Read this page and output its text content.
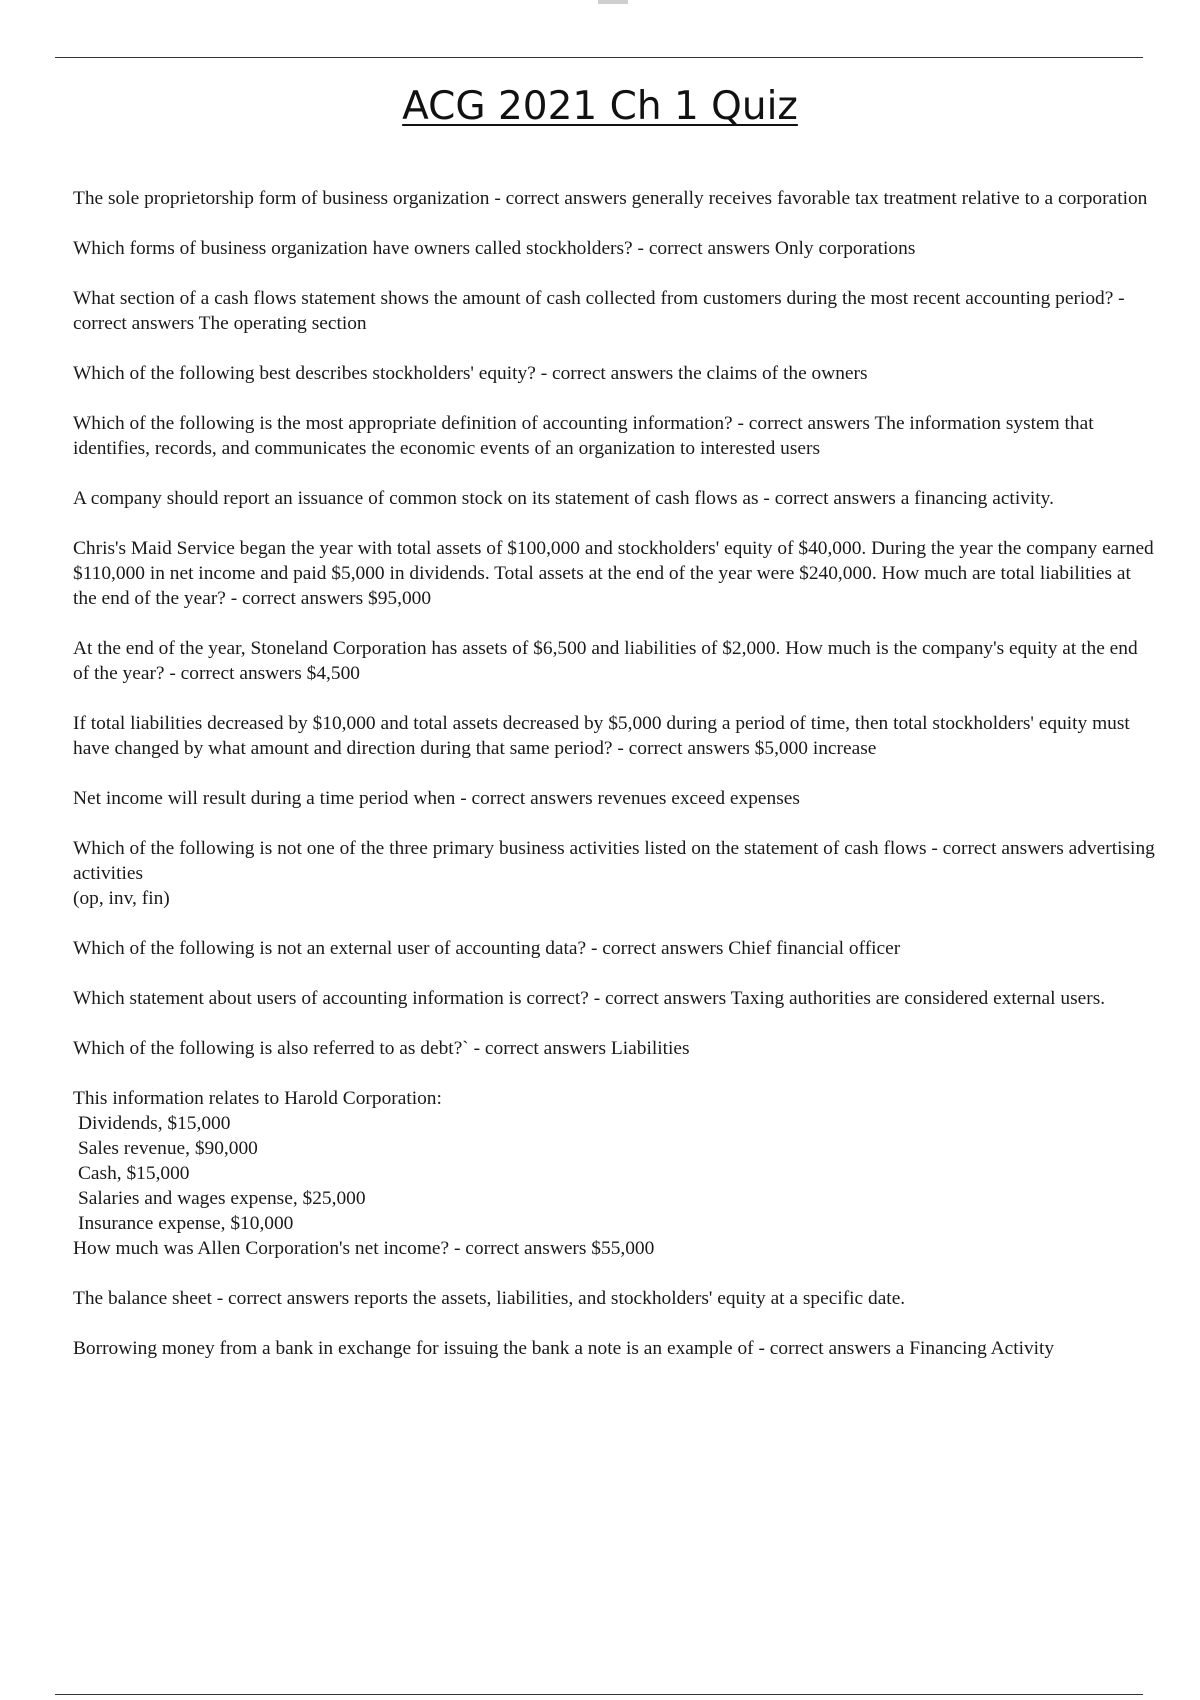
ACG 2021 Ch 1 Quiz

The sole proprietorship form of business organization - correct answers generally receives favorable tax treatment relative to a corporation

Which forms of business organization have owners called stockholders? - correct answers Only corporations

What section of a cash flows statement shows the amount of cash collected from customers during the most recent accounting period? - correct answers The operating section

Which of the following best describes stockholders' equity? - correct answers the claims of the owners

Which of the following is the most appropriate definition of accounting information? - correct answers The information system that identifies, records, and communicates the economic events of an organization to interested users

A company should report an issuance of common stock on its statement of cash flows as - correct answers a financing activity.

Chris's Maid Service began the year with total assets of $100,000 and stockholders' equity of $40,000. During the year the company earned $110,000 in net income and paid $5,000 in dividends. Total assets at the end of the year were $240,000. How much are total liabilities at the end of the year? - correct answers $95,000

At the end of the year, Stoneland Corporation has assets of $6,500 and liabilities of $2,000. How much is the company's equity at the end of the year? - correct answers $4,500

If total liabilities decreased by $10,000 and total assets decreased by $5,000 during a period of time, then total stockholders' equity must have changed by what amount and direction during that same period? - correct answers $5,000 increase

Net income will result during a time period when - correct answers revenues exceed expenses

Which of the following is not one of the three primary business activities listed on the statement of cash flows - correct answers advertising activities
(op, inv, fin)

Which of the following is not an external user of accounting data? - correct answers Chief financial officer

Which statement about users of accounting information is correct? - correct answers Taxing authorities are considered external users.

Which of the following is also referred to as debt?` - correct answers Liabilities

This information relates to Harold Corporation:
Dividends, $15,000
Sales revenue, $90,000
Cash, $15,000
Salaries and wages expense, $25,000
Insurance expense, $10,000
How much was Allen Corporation's net income? - correct answers $55,000

The balance sheet - correct answers reports the assets, liabilities, and stockholders' equity at a specific date.

Borrowing money from a bank in exchange for issuing the bank a note is an example of - correct answers a Financing Activity
